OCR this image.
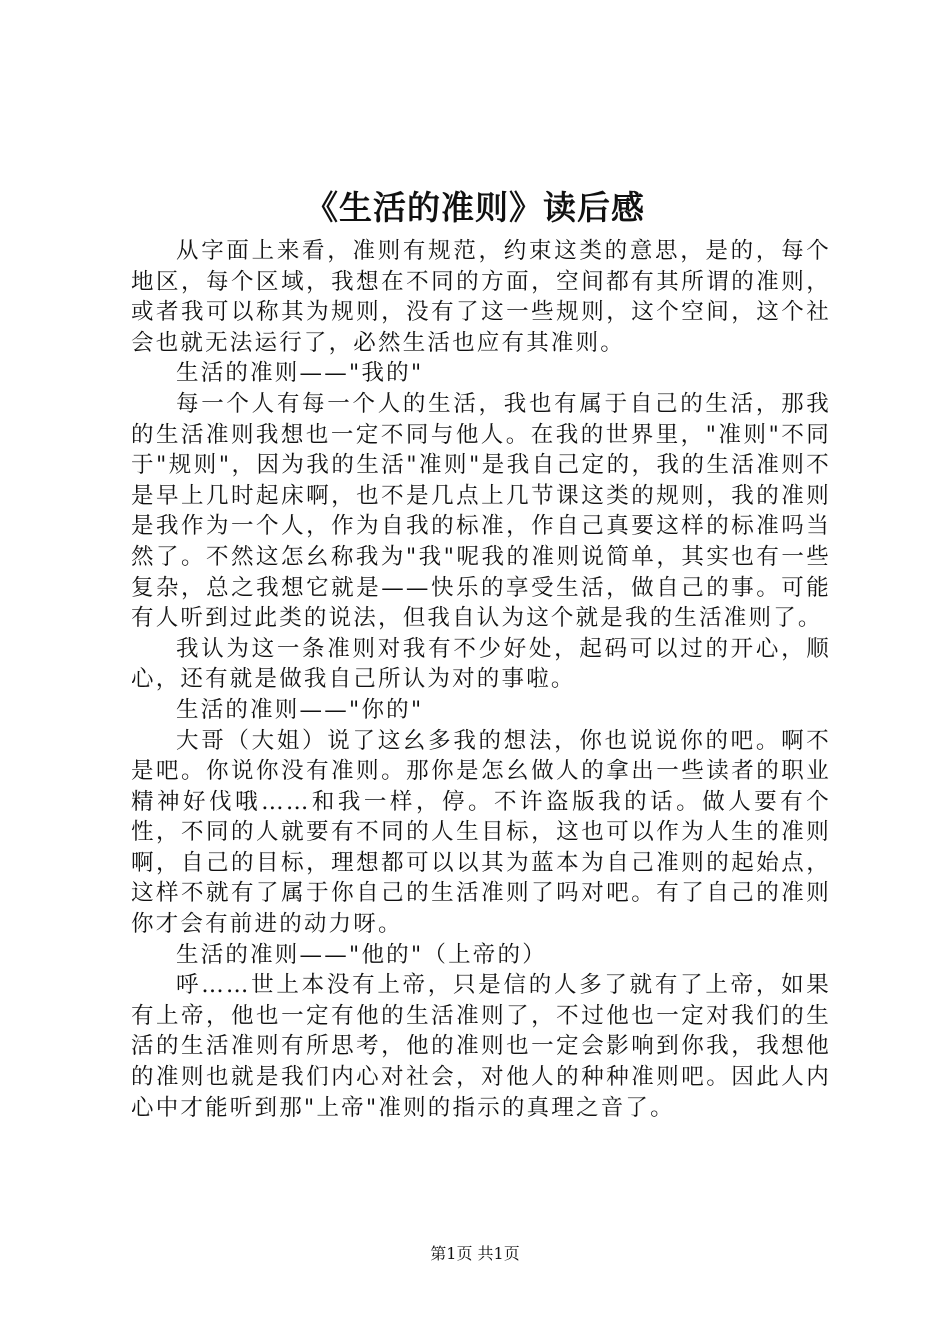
《生活的准则》读后感

从字面上来看，准则有规范，约束这类的意思，是的，每个地区，每个区域，我想在不同的方面，空间都有其所谓的准则，或者我可以称其为规则，没有了这一些规则，这个空间，这个社会也就无法运行了，必然生活也应有其准则。

生活的准则——"我的"

每一个人有每一个人的生活，我也有属于自己的生活，那我的生活准则我想也一定不同与他人。在我的世界里，"准则"不同于"规则"，因为我的生活"准则"是我自己定的，我的生活准则不是早上几时起床啊，也不是几点上几节课这类的规则，我的准则是我作为一个人，作为自我的标准，作自己真要这样的标准吗当然了。不然这怎幺称我为"我"呢我的准则说简单，其实也有一些复杂，总之我想它就是——快乐的享受生活，做自己的事。可能有人听到过此类的说法，但我自认为这个就是我的生活准则了。

我认为这一条准则对我有不少好处，起码可以过的开心，顺心，还有就是做我自己所认为对的事啦。

生活的准则——"你的"

大哥（大姐）说了这幺多我的想法，你也说说你的吧。啊不是吧。你说你没有准则。那你是怎幺做人的拿出一些读者的职业精神好伐哦……和我一样，停。不许盗版我的话。做人要有个性，不同的人就要有不同的人生目标，这也可以作为人生的准则啊，自己的目标，理想都可以以其为蓝本为自己准则的起始点，这样不就有了属于你自己的生活准则了吗对吧。有了自己的准则你才会有前进的动力呀。

生活的准则——"他的"（上帝的）

呼……世上本没有上帝，只是信的人多了就有了上帝，如果有上帝，他也一定有他的生活准则了，不过他也一定对我们的生活的生活准则有所思考，他的准则也一定会影响到你我，我想他的准则也就是我们内心对社会，对他人的种种准则吧。因此人内心中才能听到那"上帝"准则的指示的真理之音了。

第1页 共1页
